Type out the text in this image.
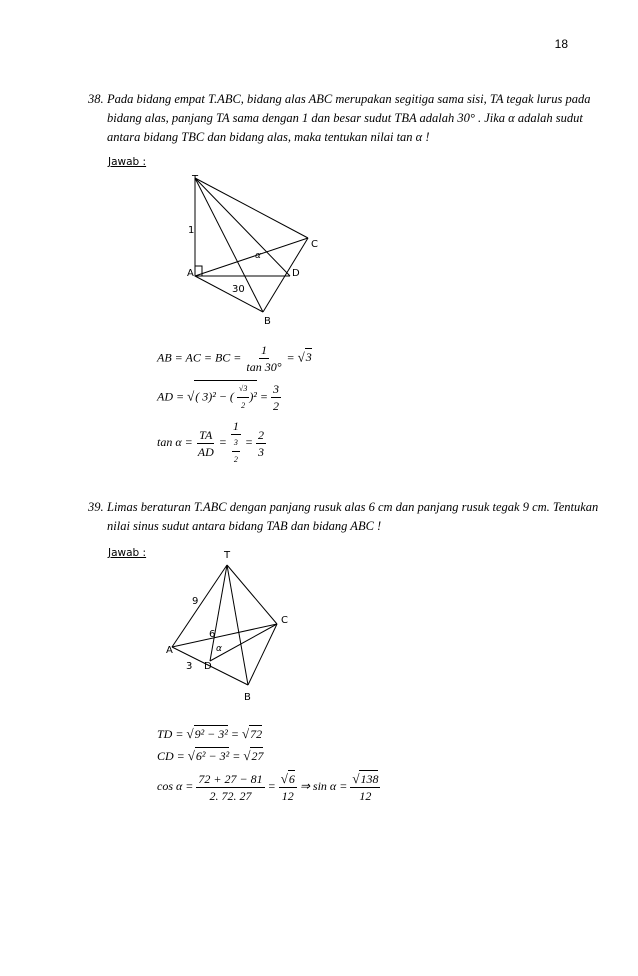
18
38. Pada bidang empat T.ABC, bidang alas ABC merupakan segitiga sama sisi, TA tegak lurus pada bidang alas, panjang TA sama dengan 1 dan besar sudut TBA adalah 30° . Jika α adalah sudut antara bidang TBC dan bidang alas, maka tentukan nilai tan α !
Jawab :
T
1
C
α
A	D
30
B
AB = AC = BC = $\frac{1}{\tan 30^\circ} = √3$
AD = √( 3)² − ( $\frac{√3}{2} )^2 = \frac{3}{2}$
$\tan \alpha = \frac{TA}{AD} = \frac{1}{\frac{3}{2}} = \frac{2}{3}$
39. Limas beraturan T.ABC dengan panjang rusuk alas 6 cm dan panjang rusuk tegak 9 cm. Tentukan nilai sinus sudut antara bidang TAB dan bidang ABC !
Jawab :	T
9
C
6
α
A
3 D
B
TD = √9² − 3² = √72
CD = √6² − 3² = √27
$\cos \alpha = \frac{72 + 27 - 81}{2. 72. 27} = \frac{√6}{12}$ ⇒ $\sin \alpha = \frac{√138}{12}$
